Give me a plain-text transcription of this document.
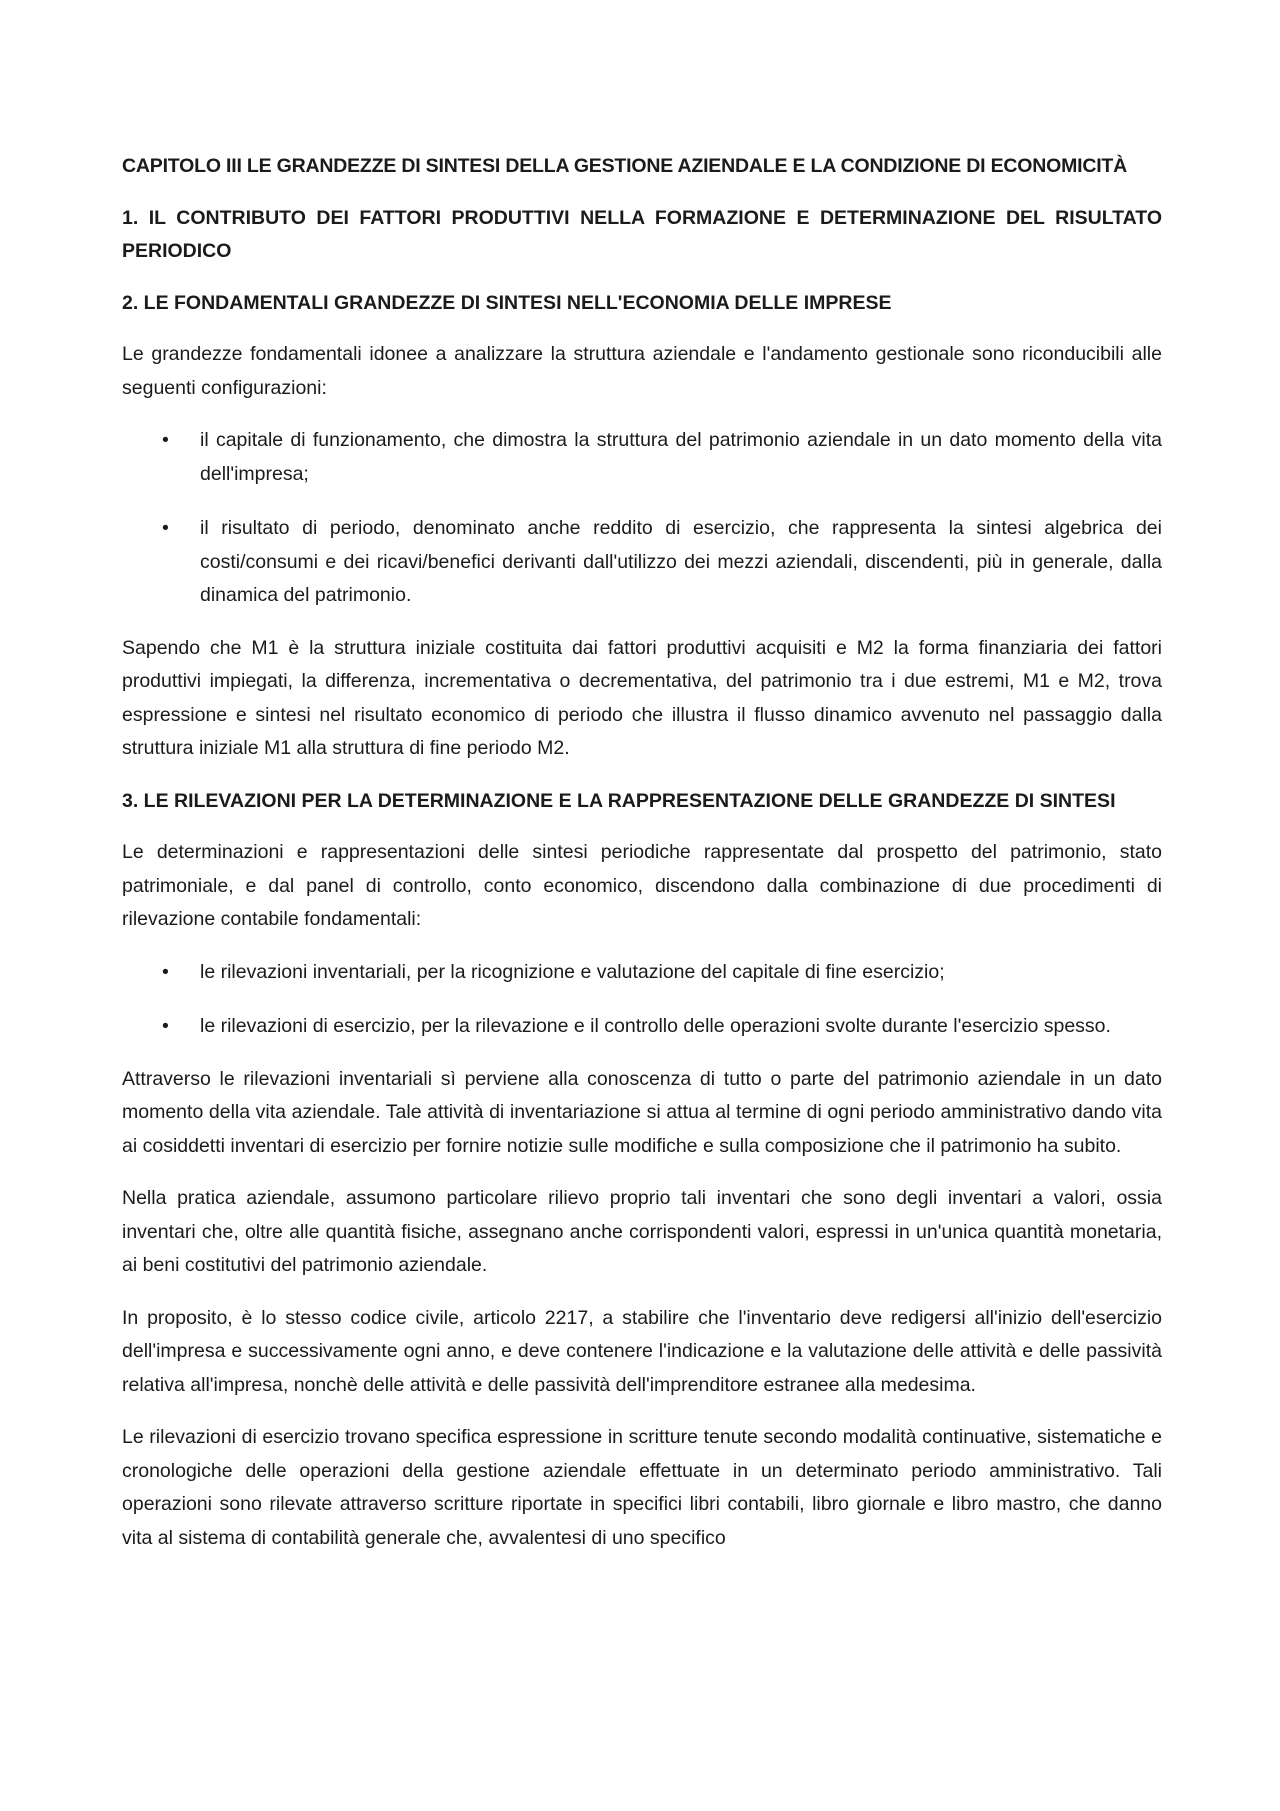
CAPITOLO III LE GRANDEZZE DI SINTESI DELLA GESTIONE AZIENDALE E LA CONDIZIONE DI ECONOMICITÀ

1. IL CONTRIBUTO DEI FATTORI PRODUTTIVI NELLA FORMAZIONE E DETERMINAZIONE DEL RISULTATO PERIODICO

2. LE FONDAMENTALI GRANDEZZE DI SINTESI NELL'ECONOMIA DELLE IMPRESE

Le grandezze fondamentali idonee a analizzare la struttura aziendale e l'andamento gestionale sono riconducibili alle seguenti configurazioni:

• il capitale di funzionamento, che dimostra la struttura del patrimonio aziendale in un dato momento della vita dell'impresa;
• il risultato di periodo, denominato anche reddito di esercizio, che rappresenta la sintesi algebrica dei costi/consumi e dei ricavi/benefici derivanti dall'utilizzo dei mezzi aziendali, discendenti, più in generale, dalla dinamica del patrimonio.

Sapendo che M1 è la struttura iniziale costituita dai fattori produttivi acquisiti e M2 la forma finanziaria dei fattori produttivi impiegati, la differenza, incrementativa o decrementativa, del patrimonio tra i due estremi, M1 e M2, trova espressione e sintesi nel risultato economico di periodo che illustra il flusso dinamico avvenuto nel passaggio dalla struttura iniziale M1 alla struttura di fine periodo M2.

3. LE RILEVAZIONI PER LA DETERMINAZIONE E LA RAPPRESENTAZIONE DELLE GRANDEZZE DI SINTESI

Le determinazioni e rappresentazioni delle sintesi periodiche rappresentate dal prospetto del patrimonio, stato patrimoniale, e dal panel di controllo, conto economico, discendono dalla combinazione di due procedimenti di rilevazione contabile fondamentali:

• le rilevazioni inventariali, per la ricognizione e valutazione del capitale di fine esercizio;
• le rilevazioni di esercizio, per la rilevazione e il controllo delle operazioni svolte durante l'esercizio spesso.

Attraverso le rilevazioni inventariali sì perviene alla conoscenza di tutto o parte del patrimonio aziendale in un dato momento della vita aziendale. Tale attività di inventariazione si attua al termine di ogni periodo amministrativo dando vita ai cosiddetti inventari di esercizio per fornire notizie sulle modifiche e sulla composizione che il patrimonio ha subito.

Nella pratica aziendale, assumono particolare rilievo proprio tali inventari che sono degli inventari a valori, ossia inventari che, oltre alle quantità fisiche, assegnano anche corrispondenti valori, espressi in un'unica quantità monetaria, ai beni costitutivi del patrimonio aziendale.

In proposito, è lo stesso codice civile, articolo 2217, a stabilire che l'inventario deve redigersi all'inizio dell'esercizio dell'impresa e successivamente ogni anno, e deve contenere l'indicazione e la valutazione delle attività e delle passività relativa all'impresa, nonchè delle attività e delle passività dell'imprenditore estranee alla medesima.

Le rilevazioni di esercizio trovano specifica espressione in scritture tenute secondo modalità continuative, sistematiche e cronologiche delle operazioni della gestione aziendale effettuate in un determinato periodo amministrativo. Tali operazioni sono rilevate attraverso scritture riportate in specifici libri contabili, libro giornale e libro mastro, che danno vita al sistema di contabilità generale che, avvalentesi di uno specifico
